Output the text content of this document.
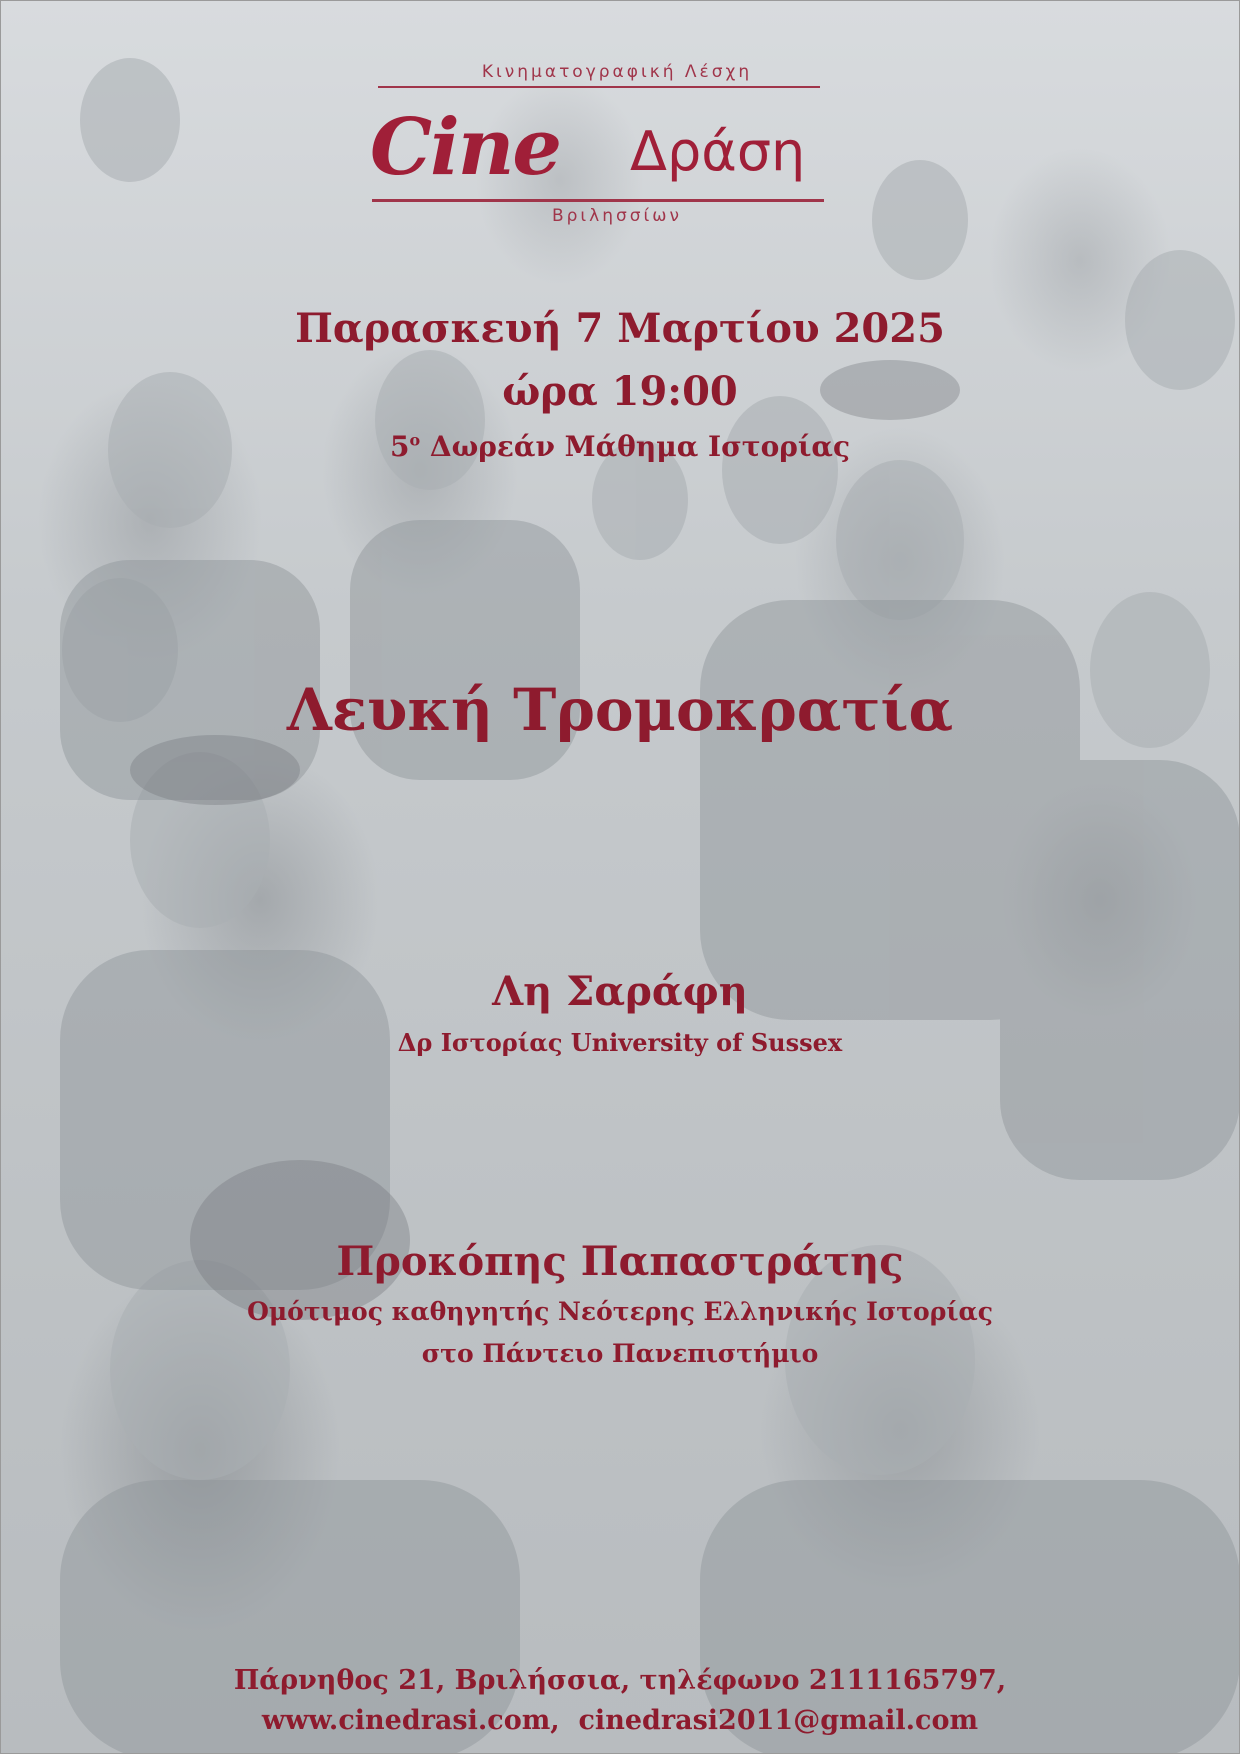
Κινηματογραφική Λέσχη
Cine Δράση
Βριλησσίων
Παρασκευή 7 Μαρτίου 2025
ώρα 19:00
$5^o$ Δωρεάν Μάθημα Ιστορίας
Λευκή Τρομοκρατία
Λη Σαράφη
Δρ Ιστορίας University of Sussex
Προκόπης Παπαστράτης
Ομότιμος καθηγητής Νεότερης Ελληνικής Ιστορίας
στο Πάντειο Πανεπιστήμιο
Πάρνηθος 21, Βριλήσσια, τηλέφωνο 2111165797,
www.cinedrasi.com,  cinedrasi2011@gmail.com
